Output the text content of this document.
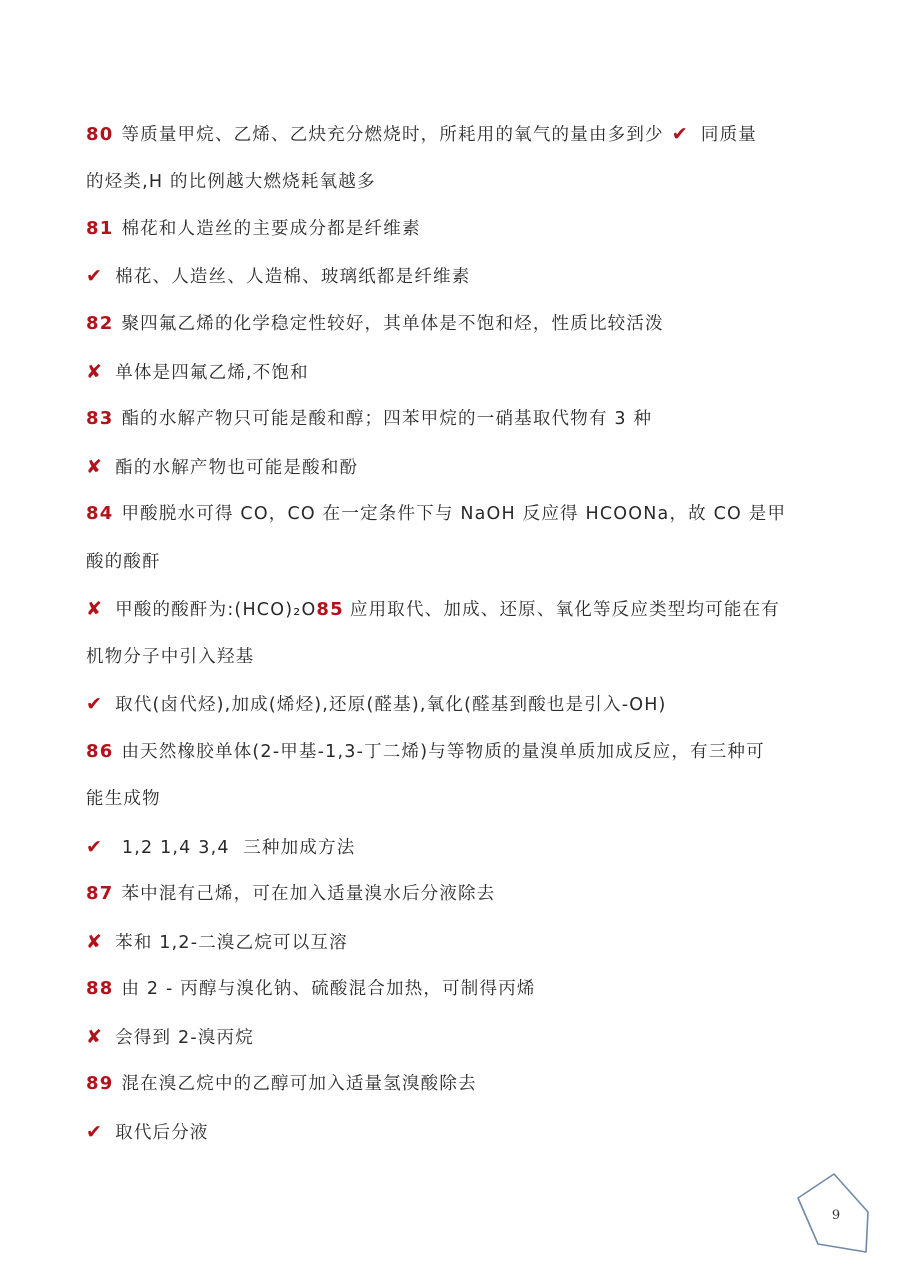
80 等质量甲烷、乙烯、乙炔充分燃烧时，所耗用的氧气的量由多到少 ✔ 同质量
的烃类,H 的比例越大燃烧耗氧越多
81 棉花和人造丝的主要成分都是纤维素
✔ 棉花、人造丝、人造棉、玻璃纸都是纤维素
82 聚四氟乙烯的化学稳定性较好，其单体是不饱和烃，性质比较活泼
✘ 单体是四氟乙烯,不饱和
83 酯的水解产物只可能是酸和醇；四苯甲烷的一硝基取代物有 3 种
✘ 酯的水解产物也可能是酸和酚
84 甲酸脱水可得 CO，CO 在一定条件下与 NaOH 反应得 HCOONa，故 CO 是甲
酸的酸酐
✘ 甲酸的酸酐为:(HCO)₂O85 应用取代、加成、还原、氧化等反应类型均可能在有
机物分子中引入羟基
✔ 取代(卤代烃),加成(烯烃),还原(醛基),氧化(醛基到酸也是引入-OH)
86 由天然橡胶单体(2-甲基-1,3-丁二烯)与等物质的量溴单质加成反应，有三种可
能生成物
✔ 1,2 1,4 3,4  三种加成方法
87 苯中混有己烯，可在加入适量溴水后分液除去
✘ 苯和 1,2-二溴乙烷可以互溶
88 由 2 - 丙醇与溴化钠、硫酸混合加热，可制得丙烯
✘ 会得到 2-溴丙烷
89 混在溴乙烷中的乙醇可加入适量氢溴酸除去
✔ 取代后分液
9
